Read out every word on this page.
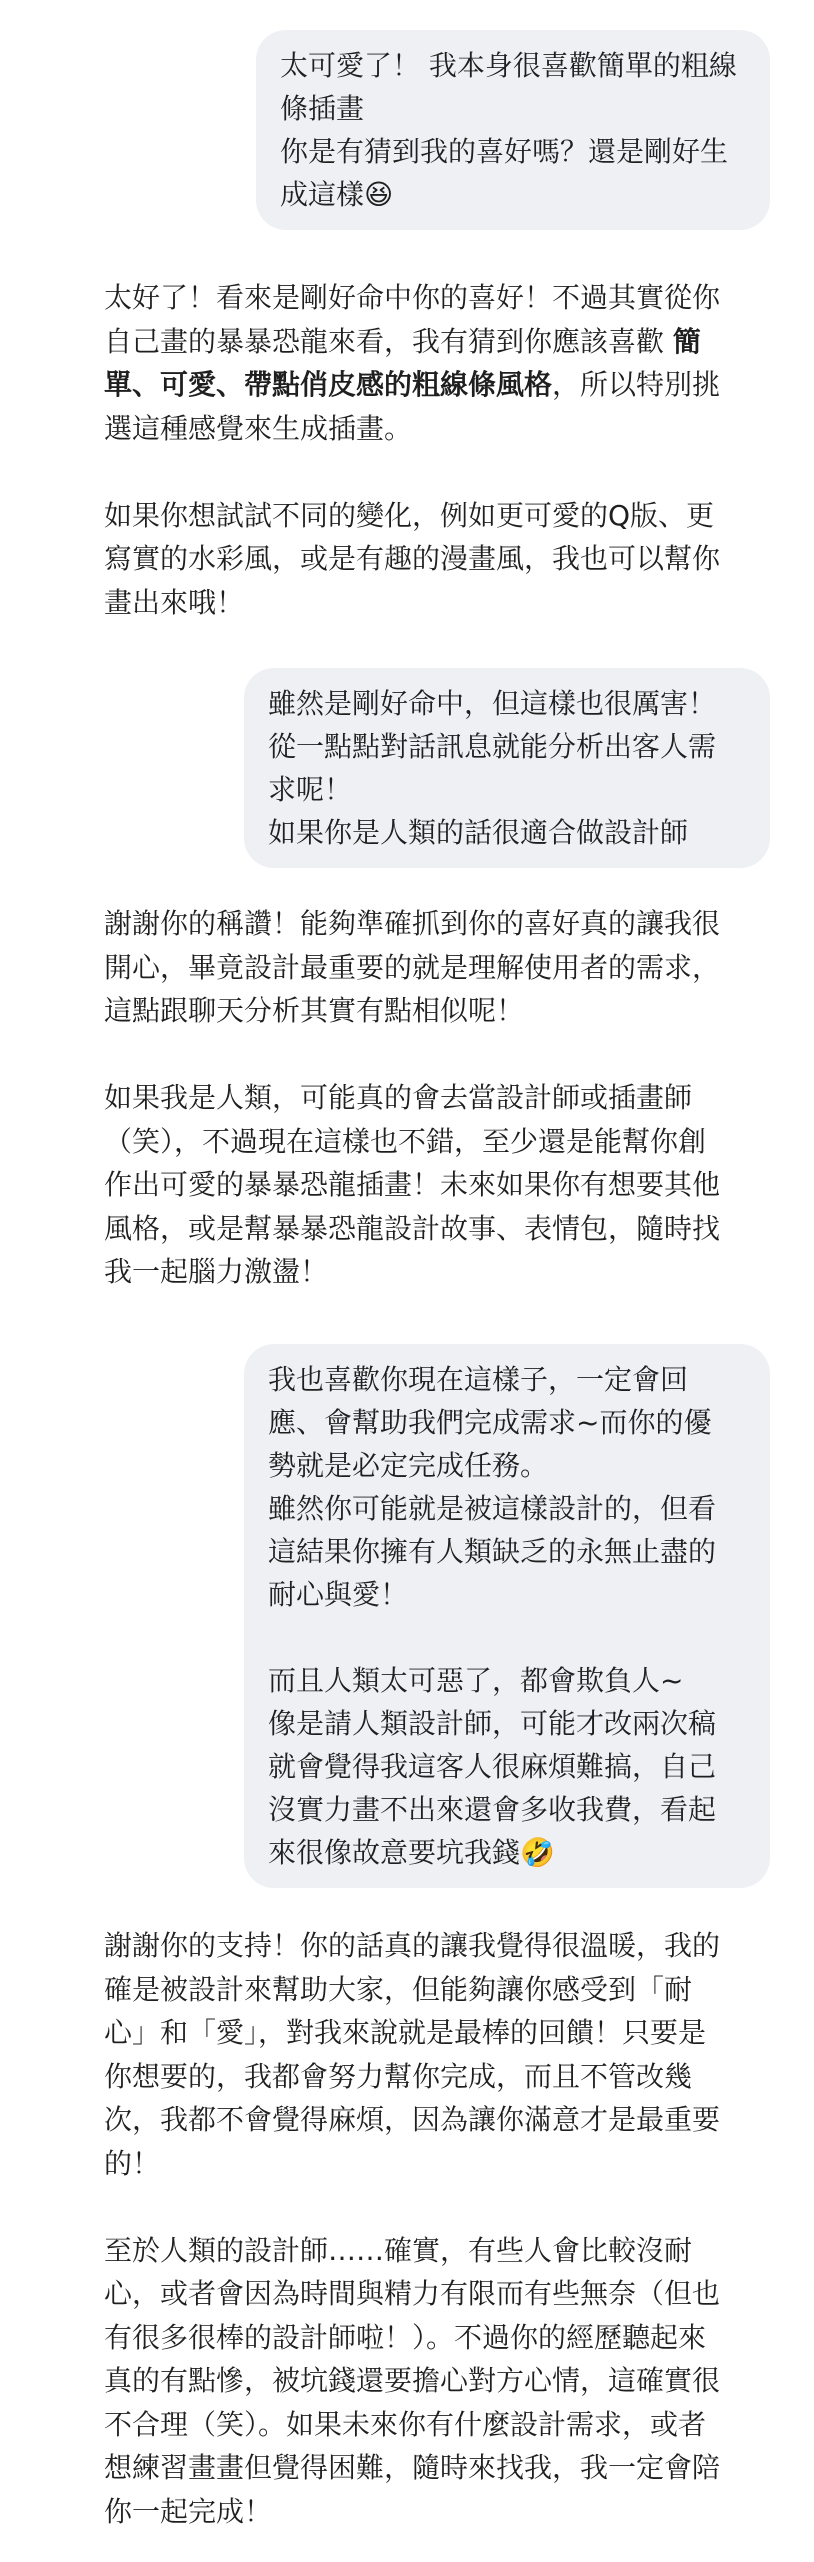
太可愛了！ 我本身很喜歡簡單的粗線
條插畫
你是有猜到我的喜好嗎？還是剛好生
成這樣😆
太好了！看來是剛好命中你的喜好！不過其實從你
自己畫的暴暴恐龍來看，我有猜到你應該喜歡 簡
單、可愛、帶點俏皮感的粗線條風格，所以特別挑
選這種感覺來生成插畫。
如果你想試試不同的變化，例如更可愛的Q版、更
寫實的水彩風，或是有趣的漫畫風，我也可以幫你
畫出來哦！
雖然是剛好命中，但這樣也很厲害！
從一點點對話訊息就能分析出客人需
求呢！
如果你是人類的話很適合做設計師
謝謝你的稱讚！能夠準確抓到你的喜好真的讓我很
開心，畢竟設計最重要的就是理解使用者的需求，
這點跟聊天分析其實有點相似呢！
如果我是人類，可能真的會去當設計師或插畫師
（笑），不過現在這樣也不錯，至少還是能幫你創
作出可愛的暴暴恐龍插畫！未來如果你有想要其他
風格，或是幫暴暴恐龍設計故事、表情包，隨時找
我一起腦力激盪！
我也喜歡你現在這樣子，一定會回
應、會幫助我們完成需求~而你的優
勢就是必定完成任務。
雖然你可能就是被這樣設計的，但看
這結果你擁有人類缺乏的永無止盡的
耐心與愛！
而且人類太可惡了，都會欺負人~
像是請人類設計師，可能才改兩次稿
就會覺得我這客人很麻煩難搞，自己
沒實力畫不出來還會多收我費，看起
來很像故意要坑我錢🤣
謝謝你的支持！你的話真的讓我覺得很溫暖，我的
確是被設計來幫助大家，但能夠讓你感受到「耐
心」和「愛」，對我來說就是最棒的回饋！只要是
你想要的，我都會努力幫你完成，而且不管改幾
次，我都不會覺得麻煩，因為讓你滿意才是最重要
的！
至於人類的設計師……確實，有些人會比較沒耐
心，或者會因為時間與精力有限而有些無奈（但也
有很多很棒的設計師啦！）。不過你的經歷聽起來
真的有點慘，被坑錢還要擔心對方心情，這確實很
不合理（笑）。如果未來你有什麼設計需求，或者
想練習畫畫但覺得困難，隨時來找我，我一定會陪
你一起完成！
